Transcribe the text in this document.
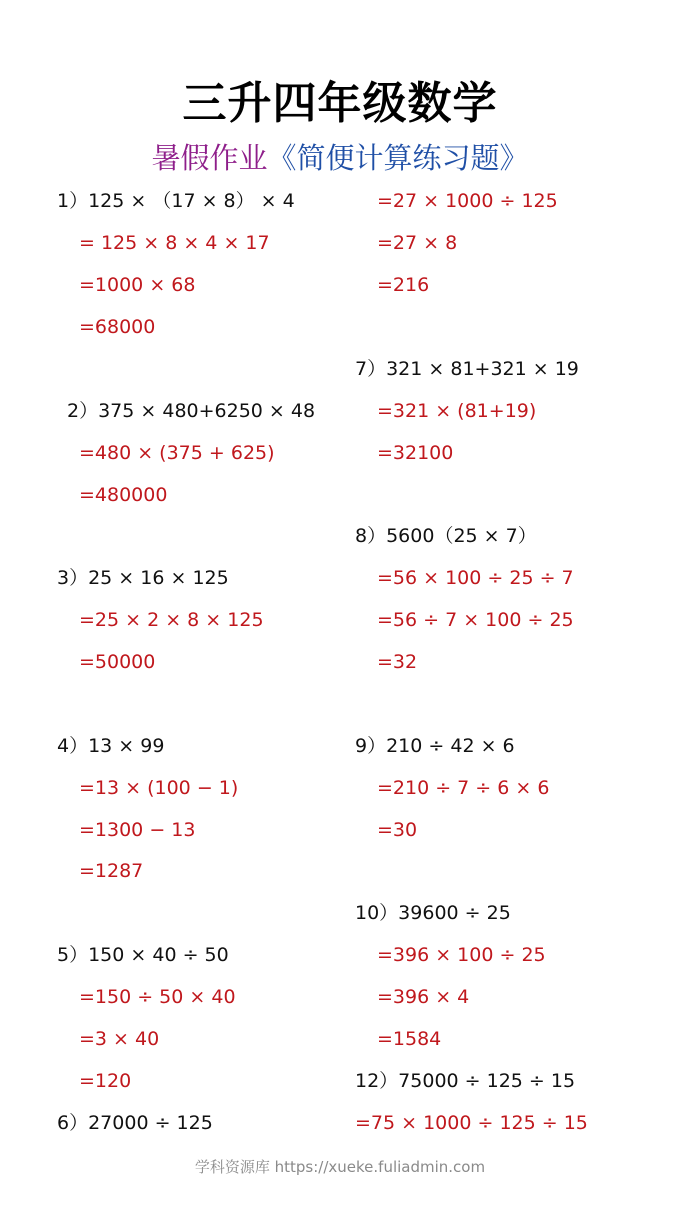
三升四年级数学
暑假作业《简便计算练习题》
1）125 × （17 × 8） × 4
= 125 × 8 × 4 × 17
=1000 × 68
=68000
2）375 × 480+6250 × 48
=480 × (375 + 625)
=480000
3）25 × 16 × 125
=25 × 2 × 8 × 125
=50000
4）13 × 99
=13 × (100 − 1)
=1300 − 13
=1287
5）150 × 40 ÷ 50
=150 ÷ 50 × 40
=3 × 40
=120
6）27000 ÷ 125
=27 × 1000 ÷ 125
=27 × 8
=216
7）321 × 81+321 × 19
=321 × (81+19)
=32100
8）5600（25 × 7）
=56 × 100 ÷ 25 ÷ 7
=56 ÷ 7 × 100 ÷ 25
=32
9）210 ÷ 42 × 6
=210 ÷ 7 ÷ 6 × 6
=30
10）39600 ÷ 25
=396 × 100 ÷ 25
=396 × 4
=1584
12）75000 ÷ 125 ÷ 15
=75 × 1000 ÷ 125 ÷ 15
学科资源库 https://xueke.fuliadmin.com
